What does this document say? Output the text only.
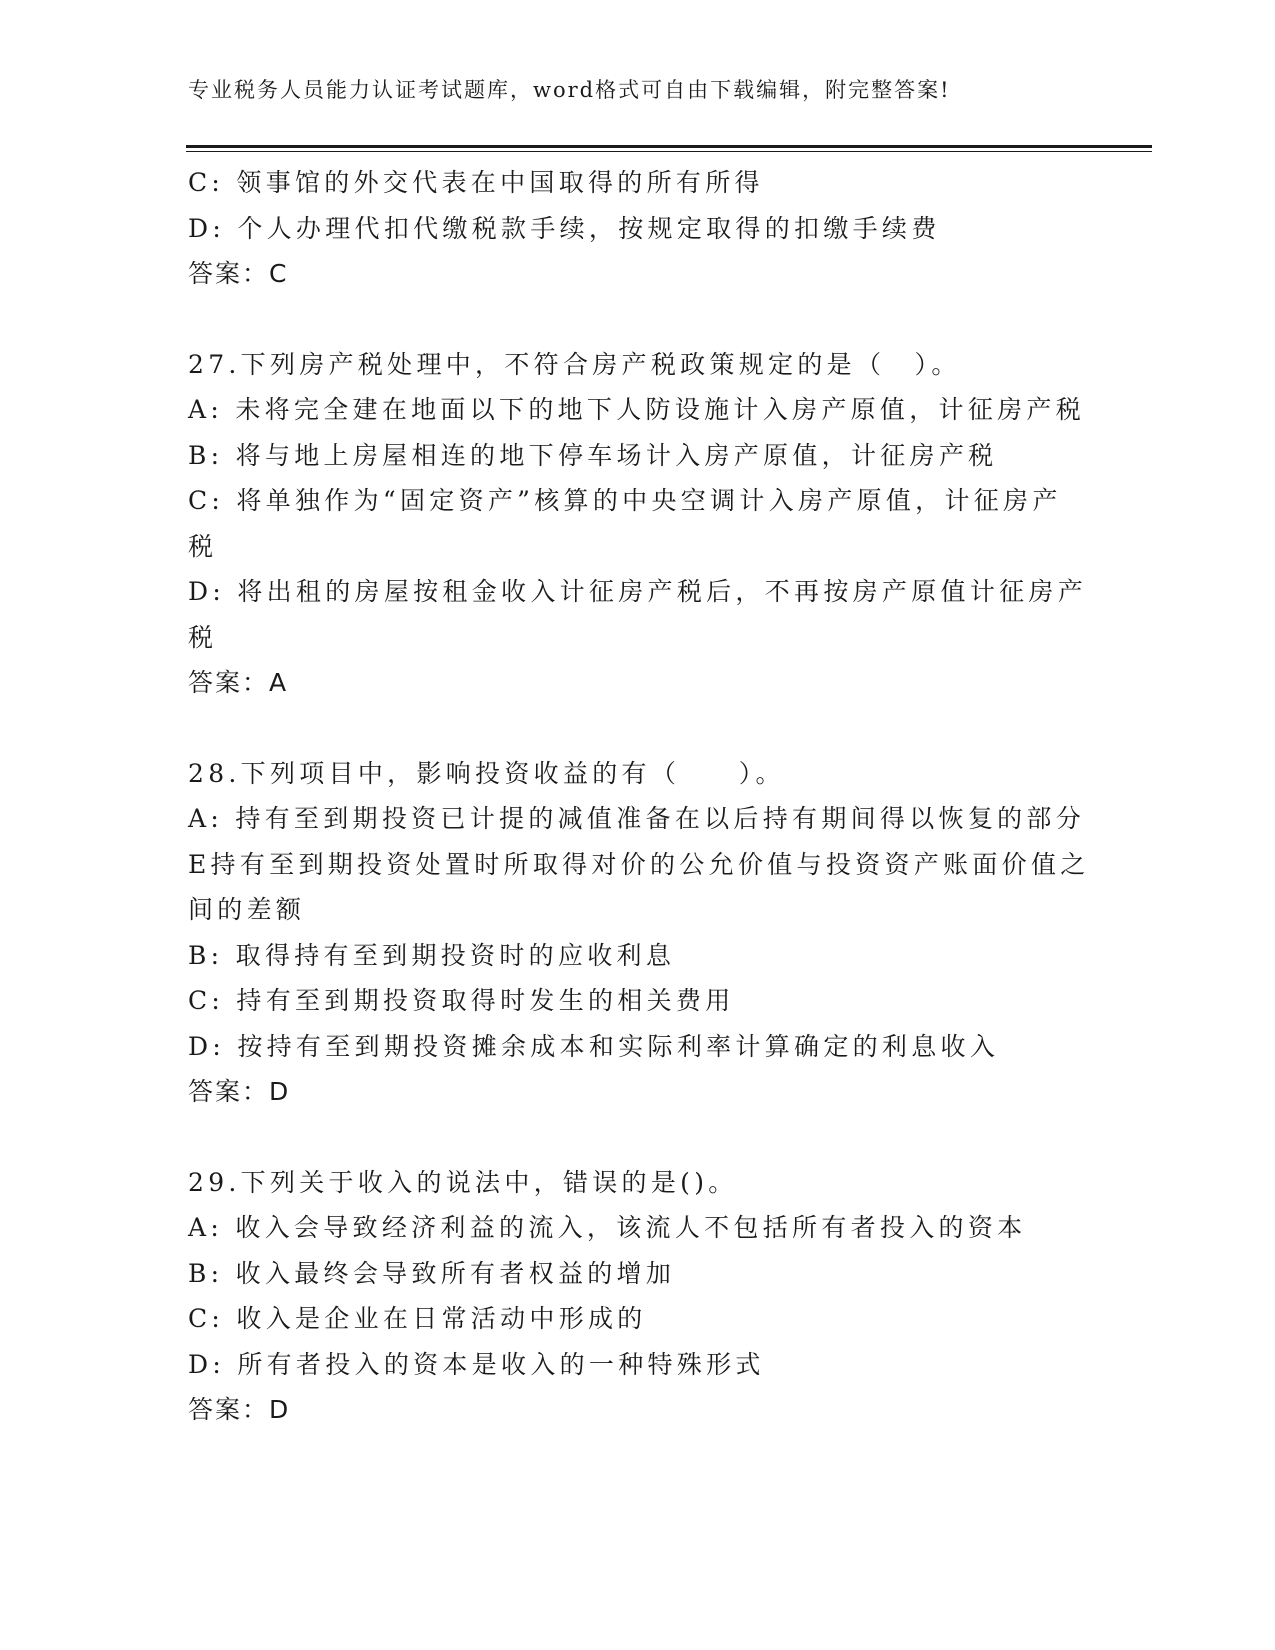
专业税务人员能力认证考试题库，word格式可自由下载编辑，附完整答案!
C: 领事馆的外交代表在中国取得的所有所得
D: 个人办理代扣代缴税款手续，按规定取得的扣缴手续费
答案：C
27.下列房产税处理中，不符合房产税政策规定的是（　）。
A: 未将完全建在地面以下的地下人防设施计入房产原值，计征房产税
B: 将与地上房屋相连的地下停车场计入房产原值，计征房产税
C: 将单独作为“固定资产”核算的中央空调计入房产原值，计征房产
税
D: 将出租的房屋按租金收入计征房产税后，不再按房产原值计征房产
税
答案：A
28.下列项目中，影响投资收益的有（　　）。
A: 持有至到期投资已计提的减值准备在以后持有期间得以恢复的部分
E持有至到期投资处置时所取得对价的公允价值与投资资产账面价值之
间的差额
B: 取得持有至到期投资时的应收利息
C: 持有至到期投资取得时发生的相关费用
D: 按持有至到期投资摊余成本和实际利率计算确定的利息收入
答案：D
29.下列关于收入的说法中，错误的是()。
A: 收入会导致经济利益的流入，该流人不包括所有者投入的资本
B: 收入最终会导致所有者权益的增加
C: 收入是企业在日常活动中形成的
D: 所有者投入的资本是收入的一种特殊形式
答案：D
